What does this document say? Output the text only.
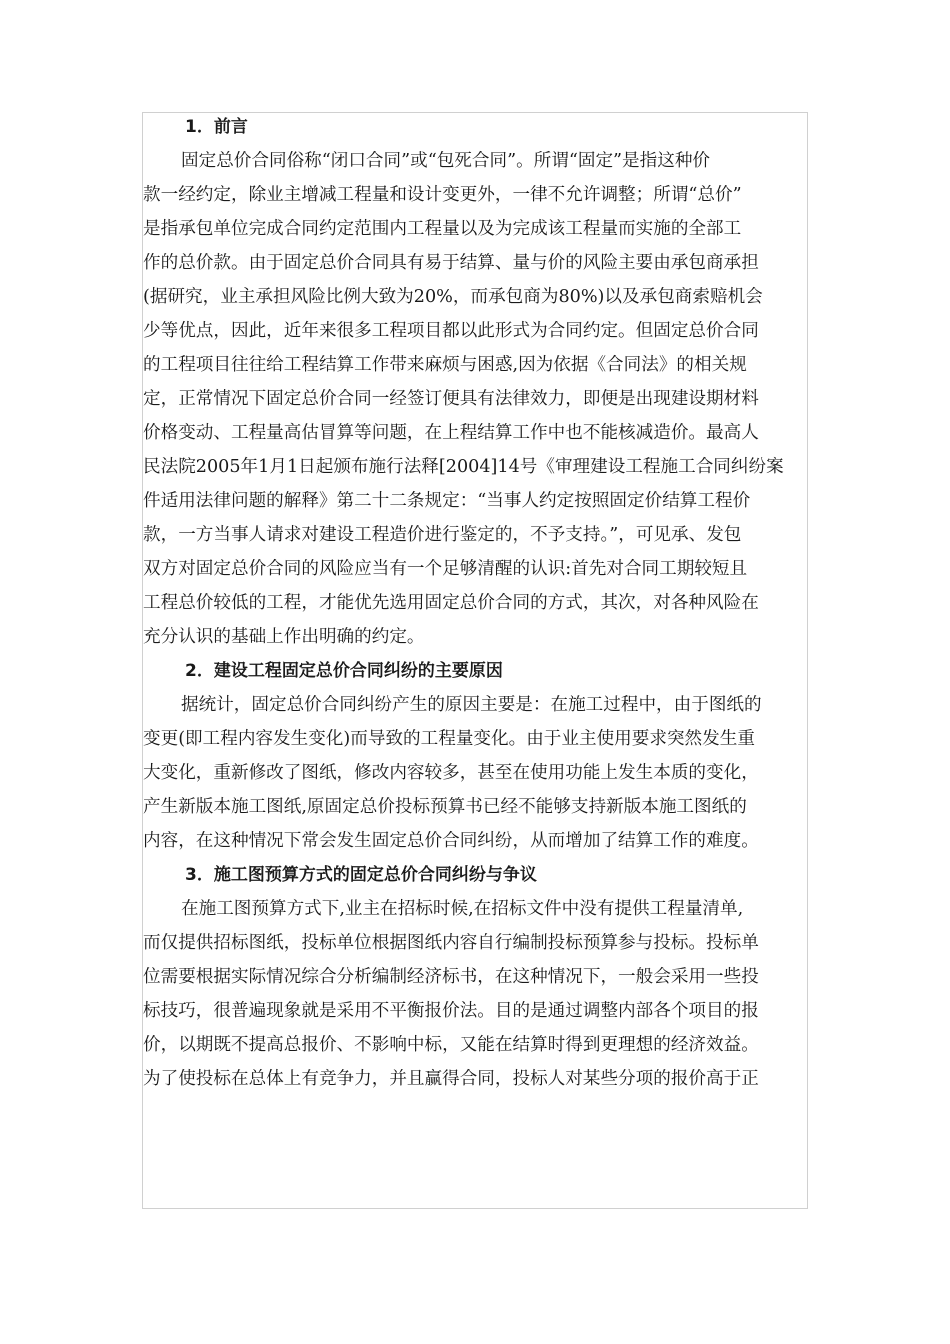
1．前言
固定总价合同俗称“闭口合同”或“包死合同”。所谓“固定”是指这种价
款一经约定，除业主增减工程量和设计变更外，一律不允许调整；所谓“总价”
是指承包单位完成合同约定范围内工程量以及为完成该工程量而实施的全部工
作的总价款。由于固定总价合同具有易于结算、量与价的风险主要由承包商承担
(据研究，业主承担风险比例大致为20%，而承包商为80%)以及承包商索赔机会
少等优点，因此，近年来很多工程项目都以此形式为合同约定。但固定总价合同
的工程项目往往给工程结算工作带来麻烦与困惑,因为依据《合同法》的相关规
定，正常情况下固定总价合同一经签订便具有法律效力，即便是出现建设期材料
价格变动、工程量高估冒算等问题，在上程结算工作中也不能核减造价。最高人
民法院2005年1月1日起颁布施行法释[2004]14号《审理建设工程施工合同纠纷案
件适用法律问题的解释》第二十二条规定：“当事人约定按照固定价结算工程价
款，一方当事人请求对建设工程造价进行鉴定的，不予支持。”，可见承、发包
双方对固定总价合同的风险应当有一个足够清醒的认识:首先对合同工期较短且
工程总价较低的工程，才能优先选用固定总价合同的方式，其次，对各种风险在
充分认识的基础上作出明确的约定。
2．建设工程固定总价合同纠纷的主要原因
据统计，固定总价合同纠纷产生的原因主要是：在施工过程中，由于图纸的
变更(即工程内容发生变化)而导致的工程量变化。由于业主使用要求突然发生重
大变化，重新修改了图纸，修改内容较多，甚至在使用功能上发生本质的变化，
产生新版本施工图纸,原固定总价投标预算书已经不能够支持新版本施工图纸的
内容，在这种情况下常会发生固定总价合同纠纷，从而增加了结算工作的难度。
3．施工图预算方式的固定总价合同纠纷与争议
在施工图预算方式下,业主在招标时候,在招标文件中没有提供工程量清单,
而仅提供招标图纸，投标单位根据图纸内容自行编制投标预算参与投标。投标单
位需要根据实际情况综合分析编制经济标书，在这种情况下，一般会采用一些投
标技巧，很普遍现象就是采用不平衡报价法。目的是通过调整内部各个项目的报
价，以期既不提高总报价、不影响中标，又能在结算时得到更理想的经济效益。
为了使投标在总体上有竞争力，并且赢得合同，投标人对某些分项的报价高于正
